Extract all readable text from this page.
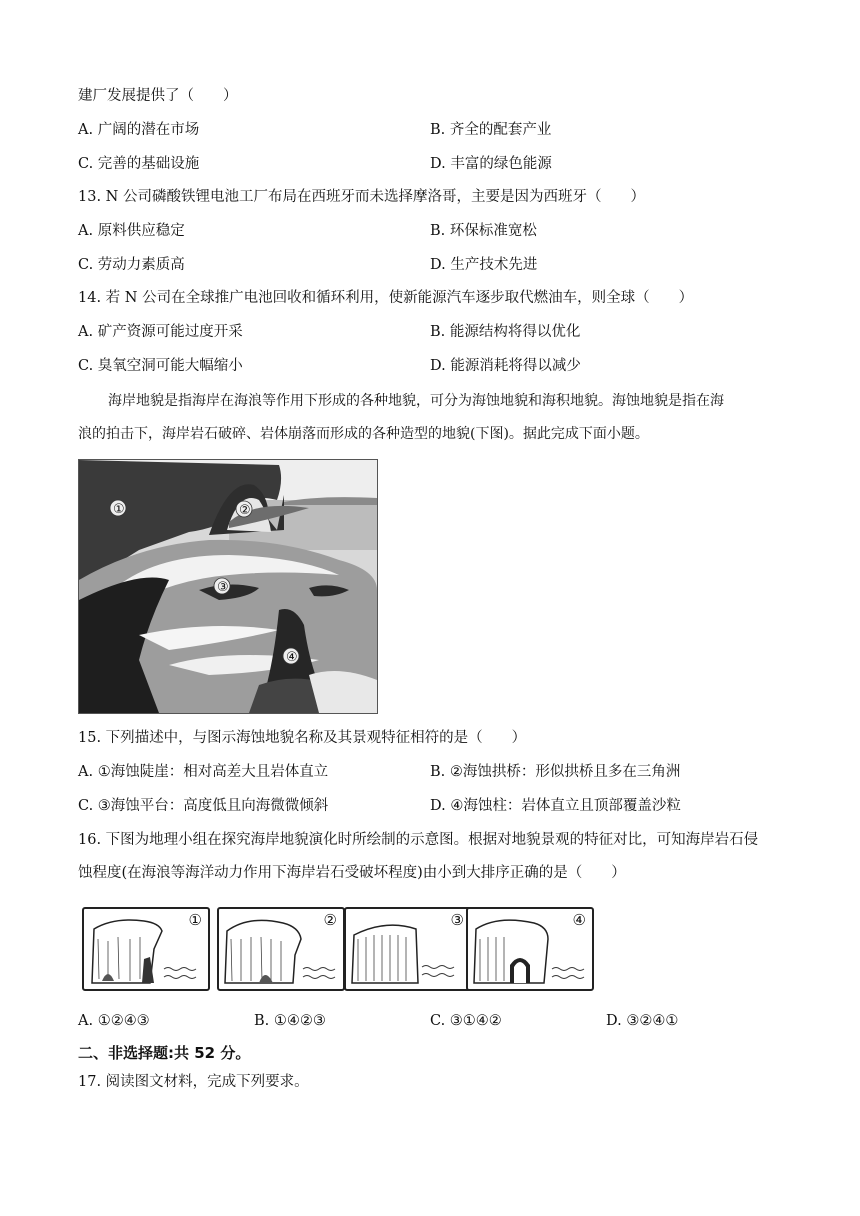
建厂发展提供了（　　）
A. 广阔的潜在市场	B. 齐全的配套产业
C. 完善的基础设施	D. 丰富的绿色能源
13. N 公司磷酸铁锂电池工厂布局在西班牙而未选择摩洛哥，主要是因为西班牙（　　）
A. 原料供应稳定	B. 环保标准宽松
C. 劳动力素质高	D. 生产技术先进
14. 若 N 公司在全球推广电池回收和循环利用，使新能源汽车逐步取代燃油车，则全球（　　）
A. 矿产资源可能过度开采	B. 能源结构将得以优化
C. 臭氧空洞可能大幅缩小	D. 能源消耗将得以减少
海岸地貌是指海岸在海浪等作用下形成的各种地貌，可分为海蚀地貌和海积地貌。海蚀地貌是指在海
浪的拍击下，海岸岩石破碎、岩体崩落而形成的各种造型的地貌(下图)。据此完成下面小题。
①	②
③
④
15. 下列描述中，与图示海蚀地貌名称及其景观特征相符的是（　　）
A. ①海蚀陡崖：相对高差大且岩体直立	B. ②海蚀拱桥：形似拱桥且多在三角洲
C. ③海蚀平台：高度低且向海微微倾斜	D. ④海蚀柱：岩体直立且顶部覆盖沙粒
16. 下图为地理小组在探究海岸地貌演化时所绘制的示意图。根据对地貌景观的特征对比，可知海岸岩石侵
蚀程度(在海浪等海洋动力作用下海岸岩石受破坏程度)由小到大排序正确的是（　　）
①	②	③	④
A. ①②④③	B. ①④②③	C. ③①④②	D. ③②④①
二、非选择题:共 52 分。
17. 阅读图文材料，完成下列要求。
